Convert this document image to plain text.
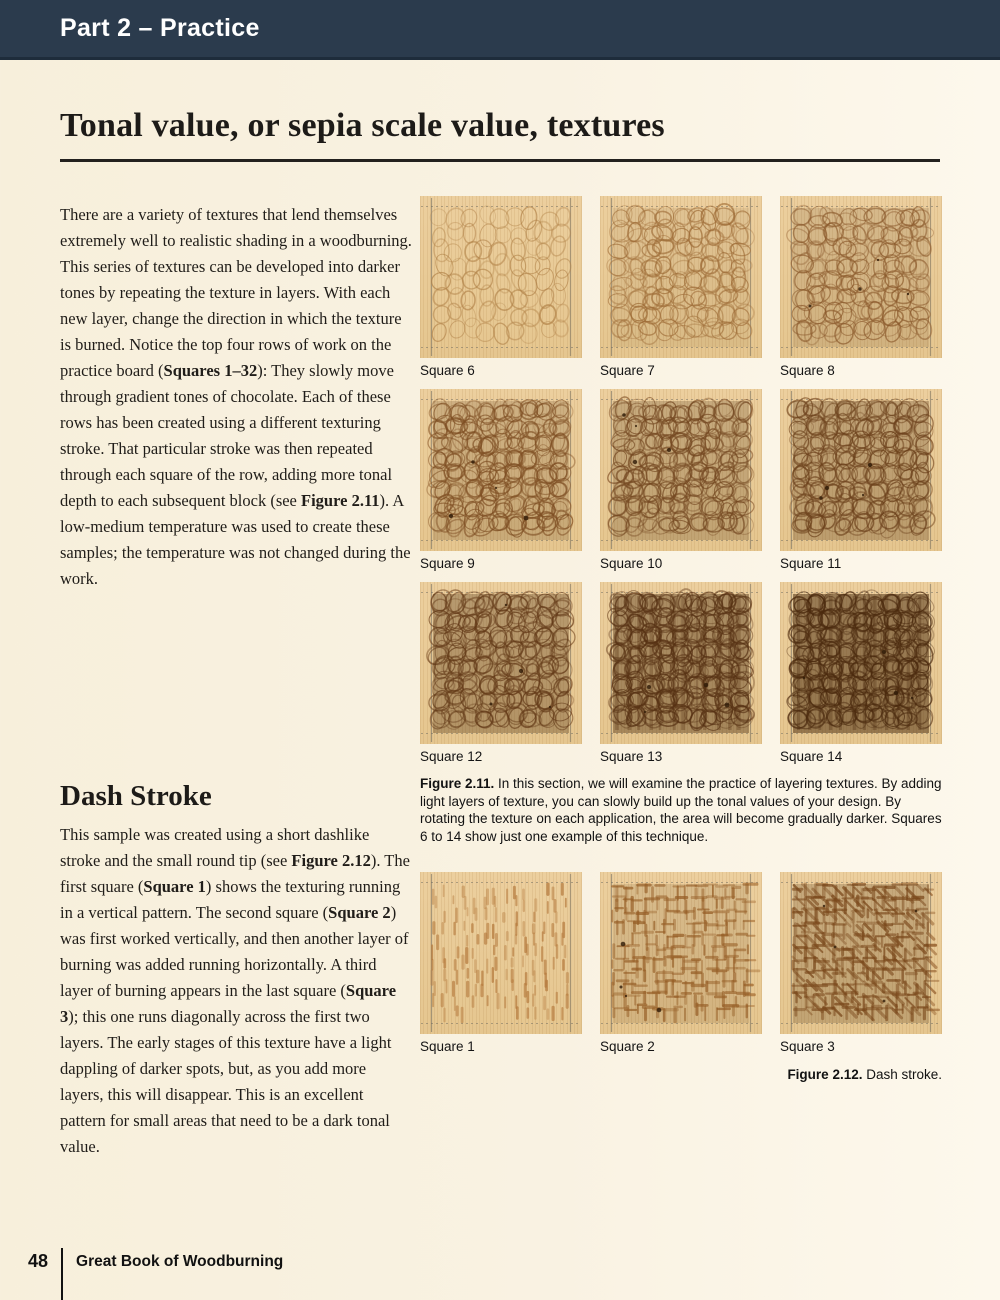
Part 2 – Practice
Tonal value, or sepia scale value, textures

There are a variety of textures that lend themselves extremely well to realistic shading in a woodburning. This series of textures can be developed into darker tones by repeating the texture in layers. With each new layer, change the direction in which the texture is burned. Notice the top four rows of work on the practice board (Squares 1–32): They slowly move through gradient tones of chocolate. Each of these rows has been created using a different texturing stroke. That particular stroke was then repeated through each square of the row, adding more tonal depth to each subsequent block (see Figure 2.11). A low-medium temperature was used to create these samples; the temperature was not changed during the work.

Dash Stroke

This sample was created using a short dashlike stroke and the small round tip (see Figure 2.12). The first square (Square 1) shows the texturing running in a vertical pattern. The second square (Square 2) was first worked vertically, and then another layer of burning was added running horizontally. A third layer of burning appears in the last square (Square 3); this one runs diagonally across the first two layers. The early stages of this texture have a light dappling of darker spots, but, as you add more layers, this will disappear. This is an excellent pattern for small areas that need to be a dark tonal value.

Square 6	Square 7	Square 8
Square 9	Square 10	Square 11
Square 12	Square 13	Square 14

Figure 2.11. In this section, we will examine the practice of layering textures. By adding light layers of texture, you can slowly build up the tonal values of your design. By rotating the texture on each application, the area will become gradually darker. Squares 6 to 14 show just one example of this technique.

Square 1	Square 2	Square 3

Figure 2.12. Dash stroke.

48 Great Book of Woodburning
